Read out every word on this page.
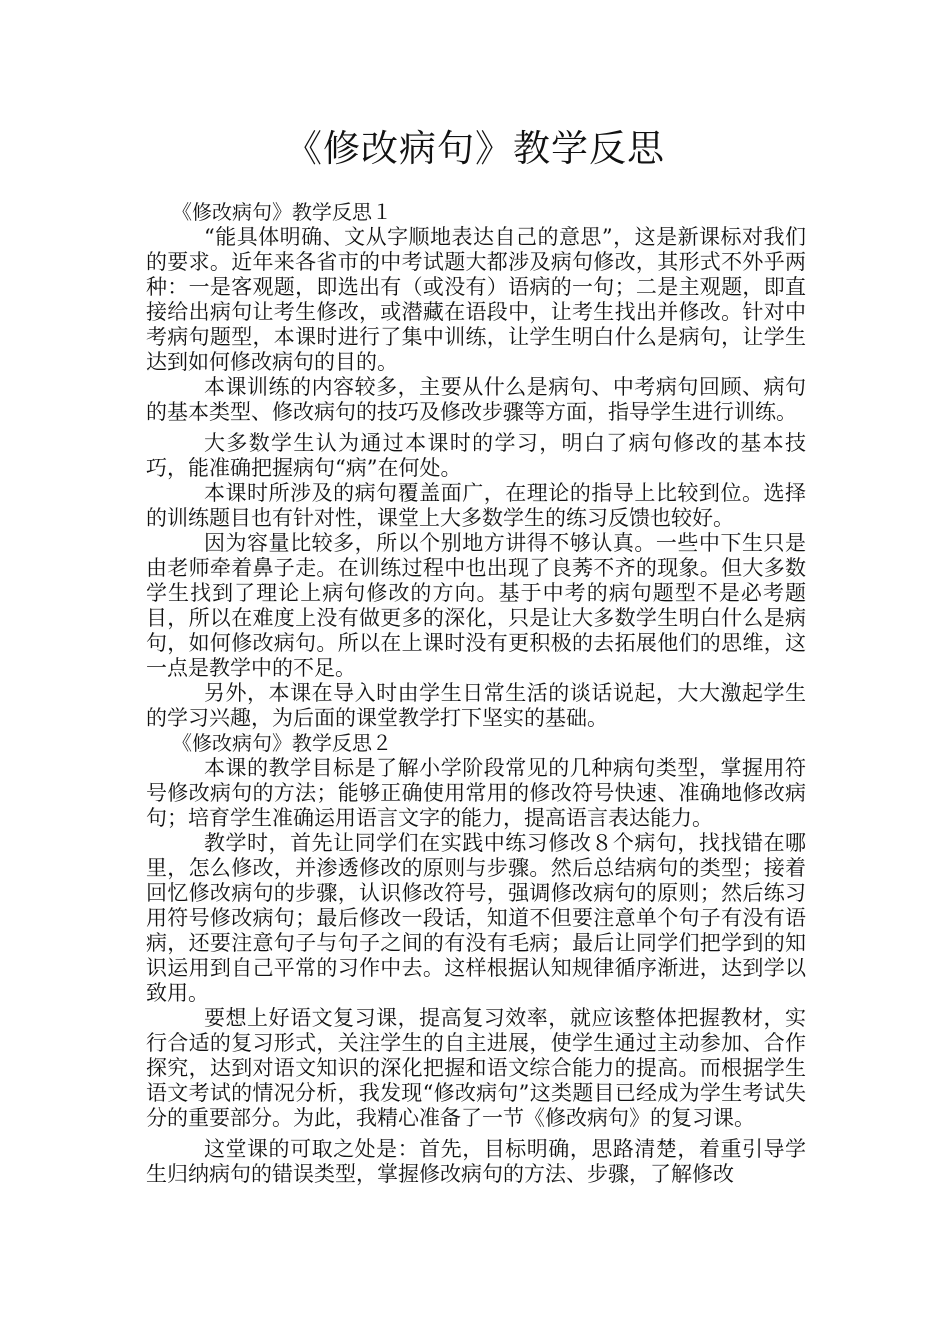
《修改病句》教学反思

《修改病句》教学反思１

“能具体明确、文从字顺地表达自己的意思”，这是新课标对我们的要求。近年来各省市的中考试题大都涉及病句修改，其形式不外乎两种：一是客观题，即选出有（或没有）语病的一句；二是主观题，即直接给出病句让考生修改，或潜藏在语段中，让考生找出并修改。针对中考病句题型，本课时进行了集中训练，让学生明白什么是病句，让学生达到如何修改病句的目的。

本课训练的内容较多，主要从什么是病句、中考病句回顾、病句的基本类型、修改病句的技巧及修改步骤等方面，指导学生进行训练。

大多数学生认为通过本课时的学习，明白了病句修改的基本技巧，能准确把握病句“病”在何处。

本课时所涉及的病句覆盖面广，在理论的指导上比较到位。选择的训练题目也有针对性，课堂上大多数学生的练习反馈也较好。

因为容量比较多，所以个别地方讲得不够认真。一些中下生只是由老师牵着鼻子走。在训练过程中也出现了良莠不齐的现象。但大多数学生找到了理论上病句修改的方向。基于中考的病句题型不是必考题目，所以在难度上没有做更多的深化，只是让大多数学生明白什么是病句，如何修改病句。所以在上课时没有更积极的去拓展他们的思维，这一点是教学中的不足。

另外，本课在导入时由学生日常生活的谈话说起，大大激起学生的学习兴趣，为后面的课堂教学打下坚实的基础。

《修改病句》教学反思２

本课的教学目标是了解小学阶段常见的几种病句类型，掌握用符号修改病句的方法；能够正确使用常用的修改符号快速、准确地修改病句；培育学生准确运用语言文字的能力，提高语言表达能力。

教学时，首先让同学们在实践中练习修改８个病句，找找错在哪里，怎么修改，并渗透修改的原则与步骤。然后总结病句的类型；接着回忆修改病句的步骤，认识修改符号，强调修改病句的原则；然后练习用符号修改病句；最后修改一段话，知道不但要注意单个句子有没有语病，还要注意句子与句子之间的有没有毛病；最后让同学们把学到的知识运用到自己平常的习作中去。这样根据认知规律循序渐进，达到学以致用。

要想上好语文复习课，提高复习效率，就应该整体把握教材，实行合适的复习形式，关注学生的自主进展，使学生通过主动参加、合作探究，达到对语文知识的深化把握和语文综合能力的提高。而根据学生语文考试的情况分析，我发现“修改病句”这类题目已经成为学生考试失分的重要部分。为此，我精心准备了一节《修改病句》的复习课。

这堂课的可取之处是：首先，目标明确，思路清楚，着重引导学生归纳病句的错误类型，掌握修改病句的方法、步骤，了解修改
